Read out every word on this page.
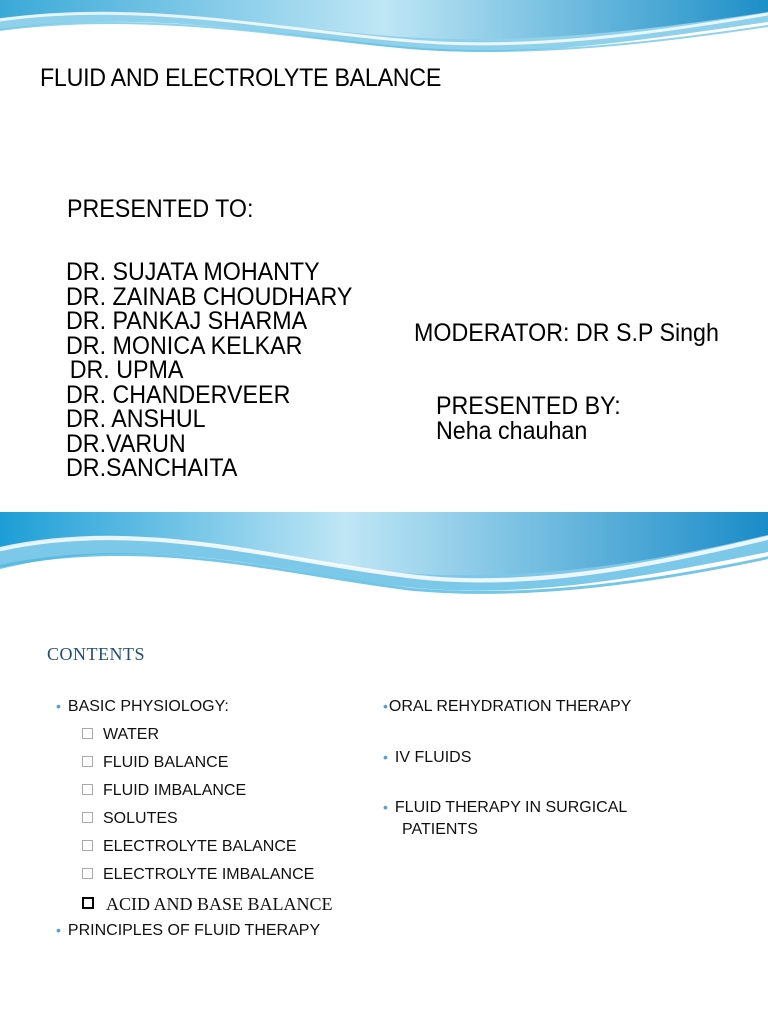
FLUID AND ELECTROLYTE BALANCE
PRESENTED TO:
DR. SUJATA MOHANTY
DR. ZAINAB CHOUDHARY
DR. PANKAJ SHARMA
DR. MONICA KELKAR
DR. UPMA
DR. CHANDERVEER
DR. ANSHUL
DR.VARUN
DR.SANCHAITA
MODERATOR: DR S.P Singh
PRESENTED BY:
Neha chauhan
CONTENTS
• BASIC PHYSIOLOGY:
WATER
FLUID BALANCE
FLUID IMBALANCE
SOLUTES
ELECTROLYTE BALANCE
ELECTROLYTE IMBALANCE
ACID AND BASE BALANCE
• PRINCIPLES OF FLUID THERAPY
•ORAL REHYDRATION THERAPY
• IV FLUIDS
• FLUID THERAPY IN SURGICAL
PATIENTS
